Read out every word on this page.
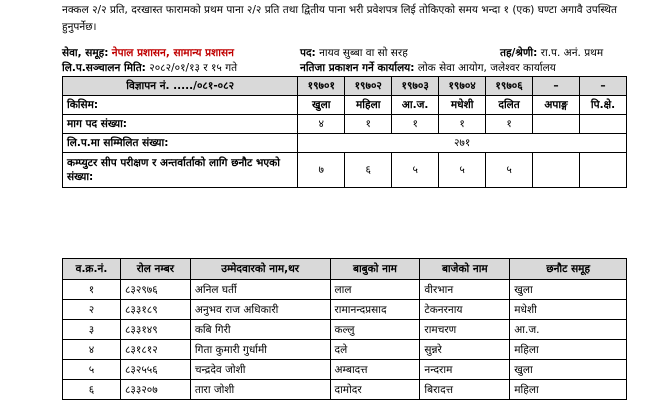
नक्कल २/२ प्रति, दरखास्त फारामको प्रथम पाना २/२ प्रति तथा द्वितीय पाना भरी प्रवेशपत्र लिई तोकिएको समय भन्दा १ (एक) घण्टा अगावै उपस्थित हुनुपर्नेछ।
सेवा, समूह: नेपाल प्रशासन, सामान्य प्रशासन	पद: नायव सुब्बा वा सो सरह	तह/श्रेणी: रा.प. अनं. प्रथम
लि.प.सञ्चालन मिति: २०८२/०१/१३ र १५ गते	नतिजा प्रकाशन गर्ने कार्यालय: लोक सेवा आयोग, जलेश्वर कार्यालय
विज्ञापन नं. ...../०८१-०८२	१९७०१	१९७०२	१९७०३	१९७०४	१९७०६	–	–
किसिम:	खुला	महिला	आ.ज.	मधेशी	दलित	अपाङ्ग	पि.क्षे.
माग पद संख्या:	४	१	१	१	१		
लि.प.मा सम्मिलित संख्या:	२७१						
कम्प्युटर सीप परीक्षण र अन्तर्वार्ताको लागि छनौट भएको संख्या:	७	६	५	५	५		
व.क्र.नं.	रोल नम्बर	उम्मेदवारको नाम,थर	बाबुको नाम	बाजेको नाम	छनौट समूह
१	८३२९७६	अनिल घर्ती	लाल	वीरभान	खुला
२	८३३१८९	अनुभव राज अधिकारी	रामानन्दप्रसाद	टेकनरनाय	मधेशी
३	८३३१४९	कबि गिरी	कल्लु	रामचरण	आ.ज.
४	८३१८१२	गिता कुमारी गुर्धामी	दले	सुन्नरे	महिला
५	८३२५५६	चन्द्रदेव जोशी	अम्बादत्त	नन्दराम	खुला
६	८३३२०७	तारा जोशी	दामोदर	बिरादत्त	महिला
